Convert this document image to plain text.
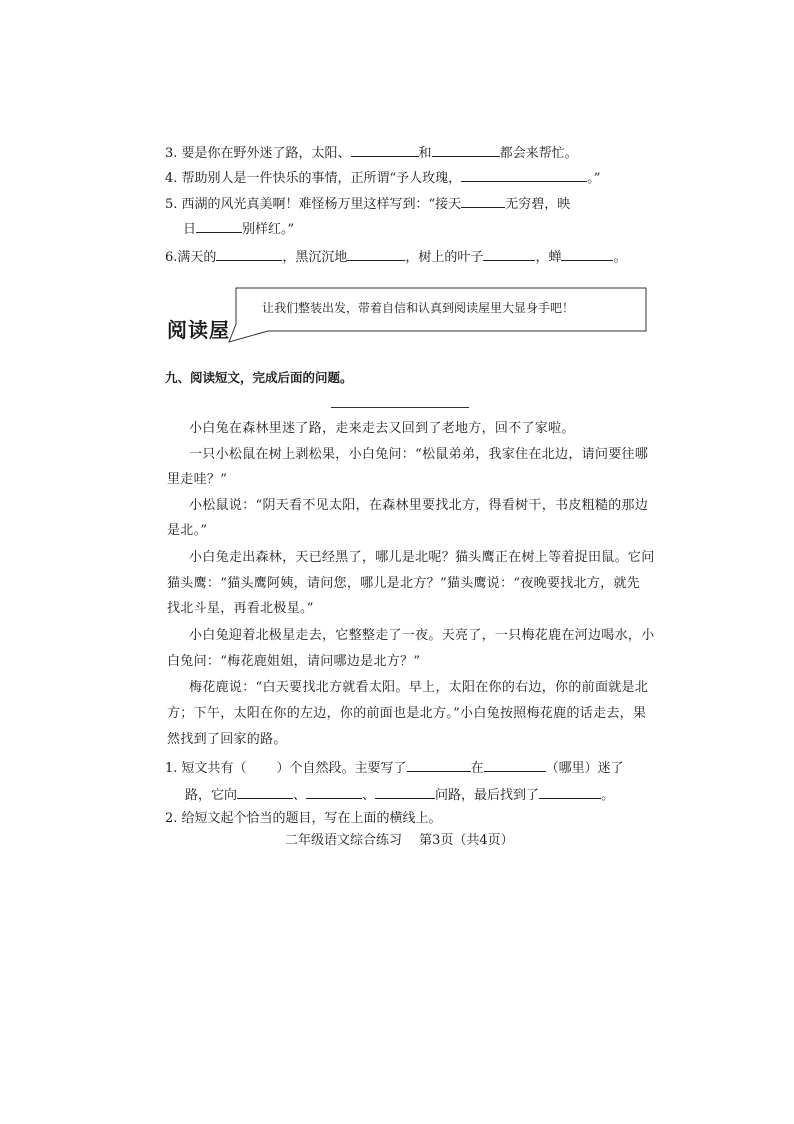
3. 要是你在野外迷了路，太阳、	和	都会来帮忙。
4. 帮助别人是一件快乐的事情，正所谓“予人玫瑰，	。”
5. 西湖的风光真美啊！难怪杨万里这样写到：“接天	无穷碧，映
日	别样红。”
6.满天的	，黑沉沉地	，树上的叶子	，蝉	。
阅读屋
让我们整装出发，带着自信和认真到阅读屋里大显身手吧！
九、阅读短文，完成后面的问题。
小白兔在森林里迷了路，走来走去又回到了老地方，回不了家啦。
一只小松鼠在树上剥松果，小白兔问：“松鼠弟弟，我家住在北边，请问要往哪
里走哇？”
小松鼠说：“阴天看不见太阳，在森林里要找北方，得看树干，书皮粗糙的那边
是北。”
小白兔走出森林，天已经黑了，哪儿是北呢？猫头鹰正在树上等着捉田鼠。它问
猫头鹰：“猫头鹰阿姨，请问您，哪儿是北方？”猫头鹰说：“夜晚要找北方，就先
找北斗星，再看北极星。”
小白兔迎着北极星走去，它整整走了一夜。天亮了，一只梅花鹿在河边喝水，小
白兔问：“梅花鹿姐姐，请问哪边是北方？”
梅花鹿说：“白天要找北方就看太阳。早上，太阳在你的右边，你的前面就是北
方；下午，太阳在你的左边，你的前面也是北方。”小白兔按照梅花鹿的话走去，果
然找到了回家的路。
1. 短文共有（ ）个自然段。主要写了	在	（哪里）迷了
路，它向	、	、	问路，最后找到了	。
2. 给短文起个恰当的题目，写在上面的横线上。
二年级语文综合练习　 第3页（共4页）
